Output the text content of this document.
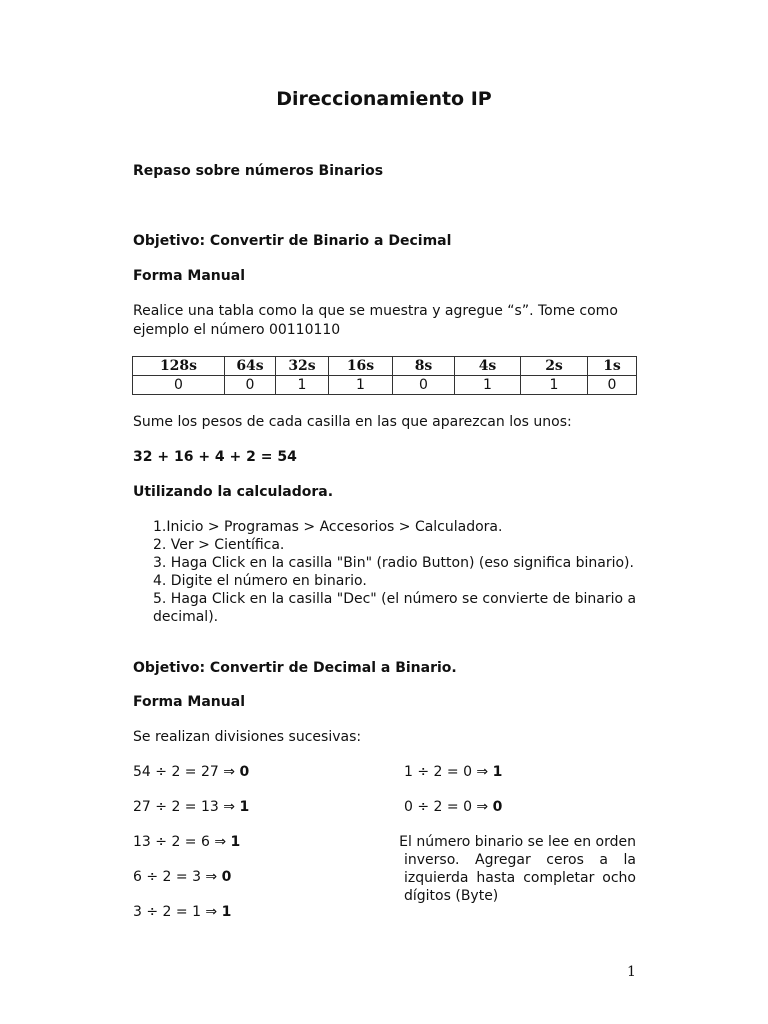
Direccionamiento IP
Repaso sobre números Binarios
Objetivo: Convertir de Binario a Decimal
Forma Manual
Realice una tabla como la que se muestra y agregue “s”. Tome como ejemplo el número 00110110
128s	64s	32s	16s	8s	4s	2s	1s
0	0	1	1	0	1	1	0
Sume los pesos de cada casilla en las que aparezcan los unos:
32 + 16 + 4 + 2 = 54
Utilizando la calculadora.
1.Inicio > Programas > Accesorios > Calculadora.
2. Ver > Científica.
3. Haga Click en la casilla "Bin" (radio Button) (eso significa binario).
4. Digite el número en binario.
5. Haga Click en la casilla "Dec" (el número se convierte de binario a decimal).
Objetivo: Convertir de Decimal a Binario.
Forma Manual
Se realizan divisiones sucesivas:
54 ÷ 2 = 27 ⇒ 0
27 ÷ 2 = 13 ⇒ 1
13 ÷ 2 = 6 ⇒ 1
6 ÷ 2 = 3 ⇒ 0
3 ÷ 2 = 1 ⇒ 1
1 ÷ 2 = 0 ⇒ 1
0 ÷ 2 = 0 ⇒ 0
El número binario se lee en orden
inverso. Agregar ceros a la izquierda hasta completar ocho dígitos (Byte)
1
